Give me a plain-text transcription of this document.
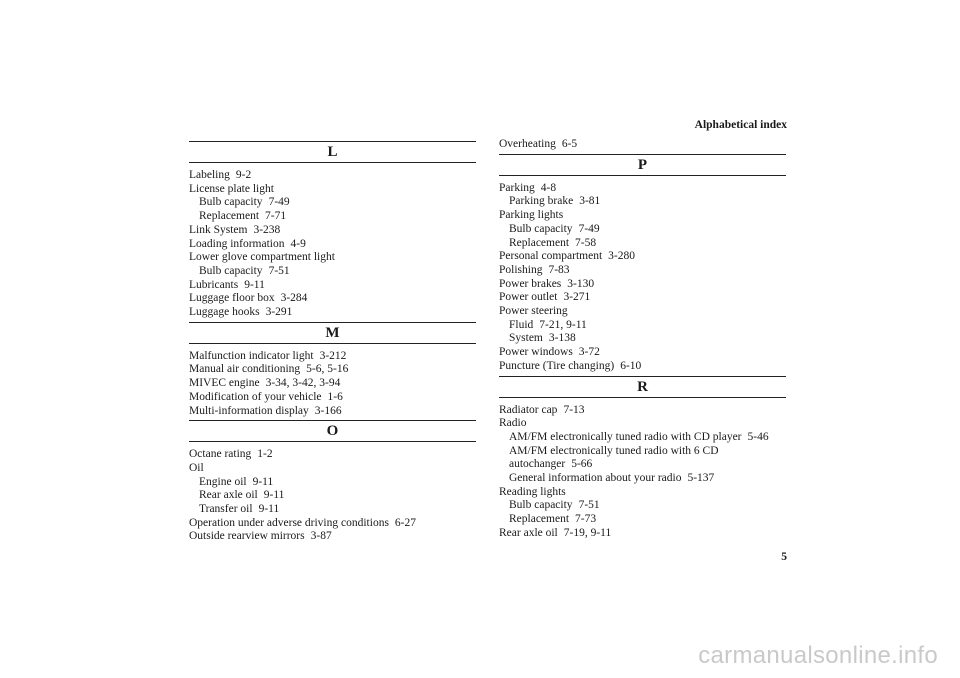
Alphabetical index
L
Labeling 9-2
License plate light
Bulb capacity 7-49
Replacement 7-71
Link System 3-238
Loading information 4-9
Lower glove compartment light
Bulb capacity 7-51
Lubricants 9-11
Luggage floor box 3-284
Luggage hooks 3-291
M
Malfunction indicator light 3-212
Manual air conditioning 5-6, 5-16
MIVEC engine 3-34, 3-42, 3-94
Modification of your vehicle 1-6
Multi-information display 3-166
O
Octane rating 1-2
Oil
Engine oil 9-11
Rear axle oil 9-11
Transfer oil 9-11
Operation under adverse driving conditions 6-27
Outside rearview mirrors 3-87
Overheating 6-5
P
Parking 4-8
Parking brake 3-81
Parking lights
Bulb capacity 7-49
Replacement 7-58
Personal compartment 3-280
Polishing 7-83
Power brakes 3-130
Power outlet 3-271
Power steering
Fluid 7-21, 9-11
System 3-138
Power windows 3-72
Puncture (Tire changing) 6-10
R
Radiator cap 7-13
Radio
AM/FM electronically tuned radio with CD player 5-46
AM/FM electronically tuned radio with 6 CD autochanger 5-66
General information about your radio 5-137
Reading lights
Bulb capacity 7-51
Replacement 7-73
Rear axle oil 7-19, 9-11
5
carmanualsonline.info
